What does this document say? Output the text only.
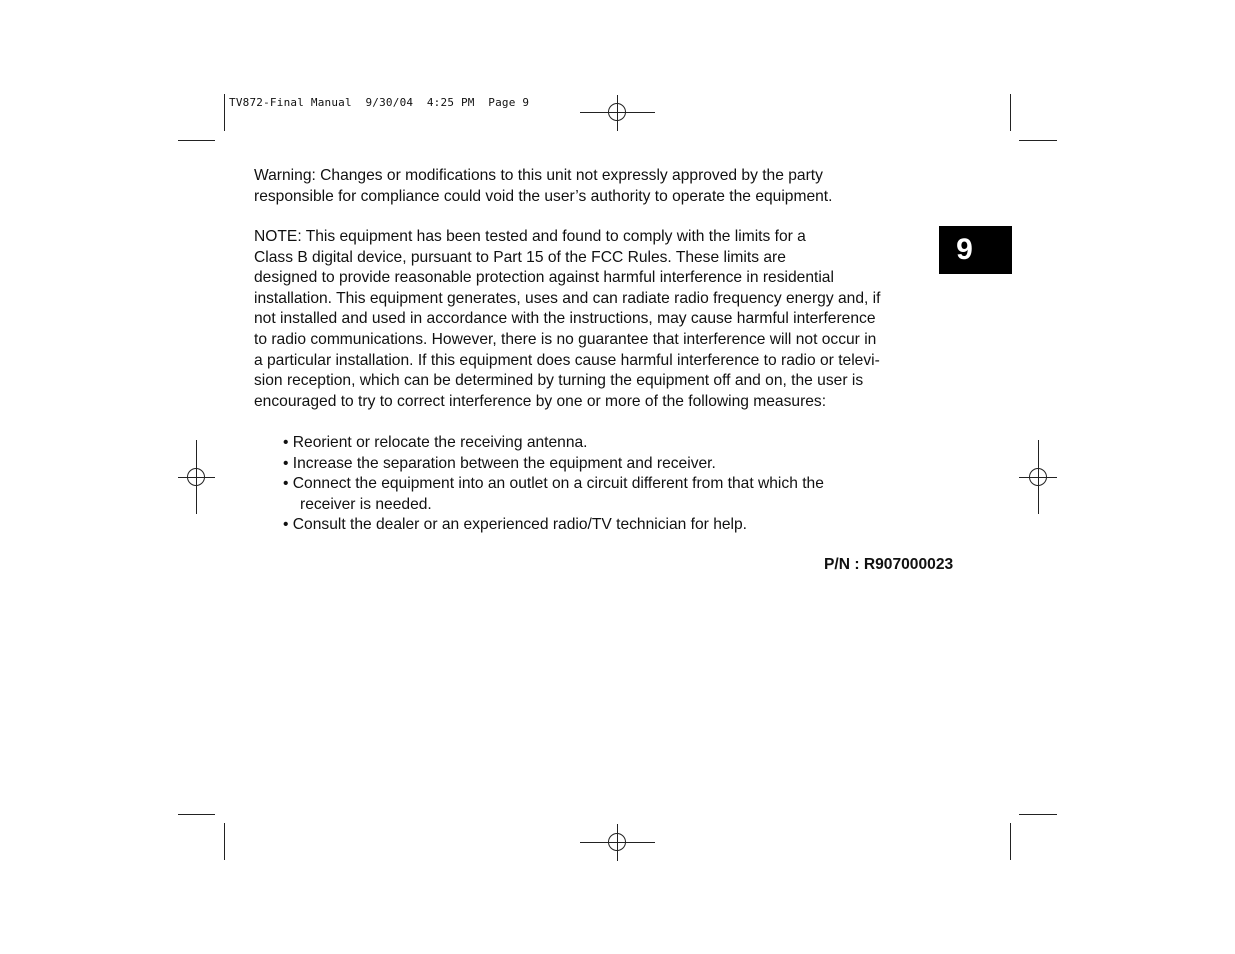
TV872-Final Manual  9/30/04  4:25 PM  Page 9
9
Warning: Changes or modifications to this unit not expressly approved by the party
responsible for compliance could void the user’s authority to operate the equipment.
NOTE: This equipment has been tested and found to comply with the limits for a
Class B digital device, pursuant to Part 15 of the FCC Rules. These limits are
designed to provide reasonable protection against harmful interference in residential
installation. This equipment generates, uses and can radiate radio frequency energy and, if
not installed and used in accordance with the instructions, may cause harmful interference
to radio communications. However, there is no guarantee that interference will not occur in
a particular installation. If this equipment does cause harmful interference to radio or televi-
sion reception, which can be determined by turning the equipment off and on, the user is
encouraged to try to correct interference by one or more of the following measures:
• Reorient or relocate the receiving antenna.
• Increase the separation between the equipment and receiver.
• Connect the equipment into an outlet on a circuit different from that which the
receiver is needed.
• Consult the dealer or an experienced radio/TV technician for help.
P/N : R907000023
